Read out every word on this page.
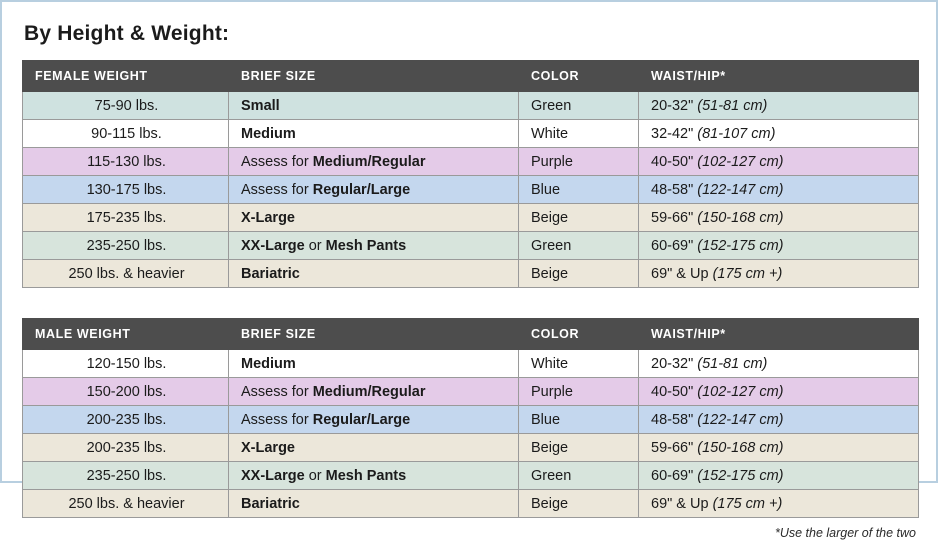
By Height & Weight:
FEMALE WEIGHT	BRIEF SIZE	COLOR	WAIST/HIP*
75-90 lbs.	Small	Green	20-32" (51-81 cm)
90-115 lbs.	Medium	White	32-42" (81-107 cm)
115-130 lbs.	Assess for Medium/Regular	Purple	40-50" (102-127 cm)
130-175 lbs.	Assess for Regular/Large	Blue	48-58" (122-147 cm)
175-235 lbs.	X-Large	Beige	59-66" (150-168 cm)
235-250 lbs.	XX-Large or Mesh Pants	Green	60-69" (152-175 cm)
250 lbs. & heavier	Bariatric	Beige	69" & Up (175 cm +)
MALE WEIGHT	BRIEF SIZE	COLOR	WAIST/HIP*
120-150 lbs.	Medium	White	20-32" (51-81 cm)
150-200 lbs.	Assess for Medium/Regular	Purple	40-50" (102-127 cm)
200-235 lbs.	Assess for Regular/Large	Blue	48-58" (122-147 cm)
200-235 lbs.	X-Large	Beige	59-66" (150-168 cm)
235-250 lbs.	XX-Large or Mesh Pants	Green	60-69" (152-175 cm)
250 lbs. & heavier	Bariatric	Beige	69" & Up (175 cm +)
*Use the larger of the two
